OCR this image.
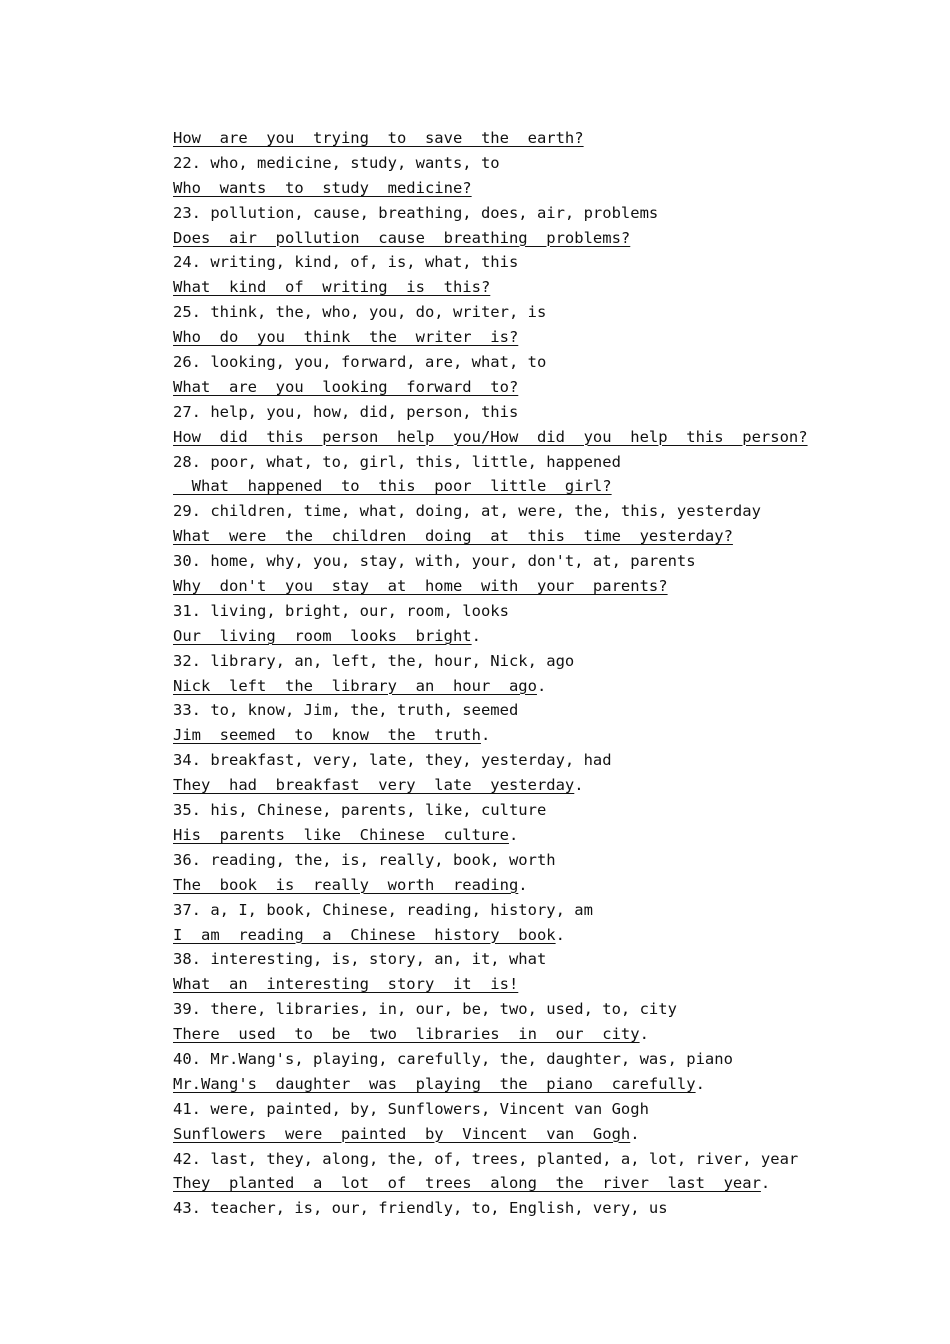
How  are  you  trying  to  save  the  earth?
22. who, medicine, study, wants, to
Who  wants  to  study  medicine?
23. pollution, cause, breathing, does, air, problems
Does  air  pollution  cause  breathing  problems?
24. writing, kind, of, is, what, this
What  kind  of  writing  is  this?
25. think, the, who, you, do, writer, is
Who  do  you  think  the  writer  is?
26. looking, you, forward, are, what, to
What  are  you  looking  forward  to?
27. help, you, how, did, person, this
How  did  this  person  help  you/How  did  you  help  this  person?
28. poor, what, to, girl, this, little, happened
What  happened  to  this  poor  little  girl?
29. children, time, what, doing, at, were, the, this, yesterday
What  were  the  children  doing  at  this  time  yesterday?
30. home, why, you, stay, with, your, don't, at, parents
Why  don't  you  stay  at  home  with  your  parents?
31. living, bright, our, room, looks
Our  living  room  looks  bright.
32. library, an, left, the, hour, Nick, ago
Nick  left  the  library  an  hour  ago.
33. to, know, Jim, the, truth, seemed
Jim  seemed  to  know  the  truth.
34. breakfast, very, late, they, yesterday, had
They  had  breakfast  very  late  yesterday.
35. his, Chinese, parents, like, culture
His  parents  like  Chinese  culture.
36. reading, the, is, really, book, worth
The  book  is  really  worth  reading.
37. a, I, book, Chinese, reading, history, am
I  am  reading  a  Chinese  history  book.
38. interesting, is, story, an, it, what
What  an  interesting  story  it  is!
39. there, libraries, in, our, be, two, used, to, city
There  used  to  be  two  libraries  in  our  city.
40. Mr.Wang's, playing, carefully, the, daughter, was, piano
Mr.Wang's  daughter  was  playing  the  piano  carefully.
41. were, painted, by, Sunflowers, Vincent van Gogh
Sunflowers  were  painted  by  Vincent  van  Gogh.
42. last, they, along, the, of, trees, planted, a, lot, river, year
They  planted  a  lot  of  trees  along  the  river  last  year.
43. teacher, is, our, friendly, to, English, very, us
